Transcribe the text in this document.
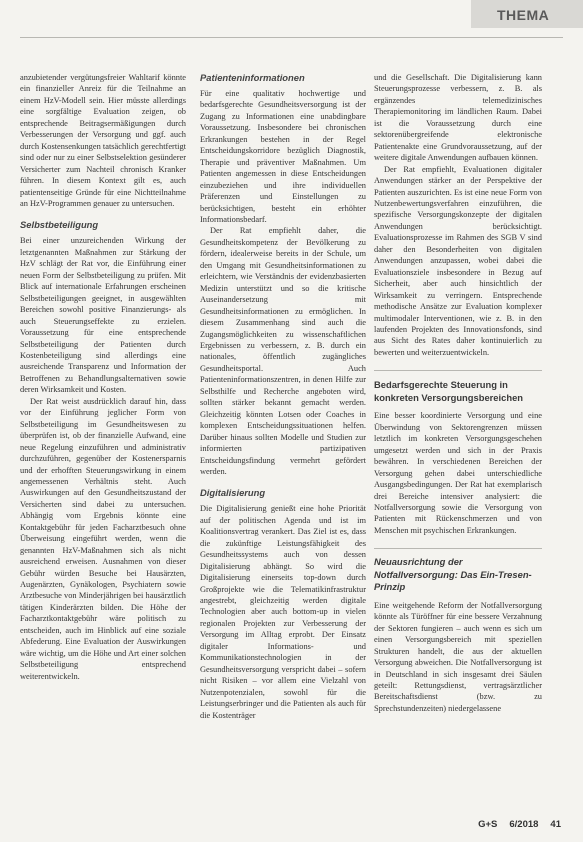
THEMA

anzubietender vergütungsfreier Wahltarif könnte ein finanzieller Anreiz für die Teilnahme an einem HzV-Modell sein. Hier müsste allerdings eine sorgfältige Evaluation zeigen, ob entsprechende Beitragsermäßigungen durch Verbesserungen der Versorgung und ggf. auch durch Kostensenkungen tatsächlich gerechtfertigt sind oder nur zu einer Selbstselektion gesünderer Versicherter zum Nachteil chronisch Kranker führen. In diesem Kontext gilt es, auch patientenseitige Gründe für eine Nichtteilnahme an HzV-Programmen genauer zu untersuchen.

Selbstbeteiligung

Bei einer unzureichenden Wirkung der letztgenannten Maßnahmen zur Stärkung der HzV schlägt der Rat vor, die Einführung einer neuen Form der Selbstbeteiligung zu prüfen. Mit Blick auf internationale Erfahrungen erscheinen Selbstbeteiligungen geeignet, in ausgewählten Bereichen sowohl positive Finanzierungs- als auch Steuerungseffekte zu erzielen. Voraussetzung für eine entsprechende Selbstbeteiligung der Patienten durch Kostenbeteiligung sind allerdings eine ausreichende Transparenz und Information der Betroffenen zu Behandlungsalternativen sowie deren Wirksamkeit und Kosten.

Der Rat weist ausdrücklich darauf hin, dass vor der Einführung jeglicher Form von Selbstbeteiligung im Gesundheitswesen zu überprüfen ist, ob der finanzielle Aufwand, eine neue Regelung einzuführen und administrativ durchzuführen, gegenüber der Kostenersparnis und der erhofften Steuerungswirkung in einem angemessenen Verhältnis steht. Auch Auswirkungen auf den Gesundheitszustand der Versicherten sind dabei zu untersuchen. Abhängig vom Ergebnis könnte eine Kontaktgebühr für jeden Facharztbesuch ohne Überweisung eingeführt werden, wenn die genannten HzV-Maßnahmen sich als nicht ausreichend erweisen. Ausnahmen von dieser Gebühr würden Besuche bei Hausärzten, Augenärzten, Gynäkologen, Psychiatern sowie Arztbesuche von Minderjährigen bei hausärztlich tätigen Kinderärzten bilden. Die Höhe der Facharztkontaktgebühr wäre politisch zu entscheiden, auch im Hinblick auf eine soziale Abfederung. Eine Evaluation der Auswirkungen wäre wichtig, um die Höhe und Art einer solchen Selbstbeteiligung entsprechend weiterentwickeln.

Patienteninformationen

Für eine qualitativ hochwertige und bedarfsgerechte Gesundheitsversorgung ist der Zugang zu Informationen eine unabdingbare Voraussetzung. Insbesondere bei chronischen Erkrankungen bestehen in der Regel Entscheidungskorridore bezüglich Diagnostik, Therapie und präventiver Maßnahmen. Um Patienten angemessen in diese Entscheidungen einzubeziehen und ihre individuellen Präferenzen und Einstellungen zu berücksichtigen, besteht ein erhöhter Informationsbedarf.

Der Rat empfiehlt daher, die Gesundheitskompetenz der Bevölkerung zu fördern, idealerweise bereits in der Schule, um den Umgang mit Gesundheitsinformationen zu erleichtern, wie Verständnis der evidenzbasierten Medizin unterstützt und so die kritische Auseinandersetzung mit Gesundheitsinformationen zu ermöglichen. In diesem Zusammenhang sind auch die Zugangsmöglichkeiten zu wissenschaftlichen Ergebnissen zu verbessern, z. B. durch ein nationales, öffentlich zugängliches Gesundheitsportal. Auch Patienteninformationszentren, in denen Hilfe zur Selbsthilfe und Recherche angeboten wird, sollten stärker bekannt gemacht werden. Gleichzeitig könnten Lotsen oder Coaches in komplexen Entscheidungssituationen helfen. Darüber hinaus sollten Modelle und Studien zur informierten partizipativen Entscheidungsfindung vermehrt gefördert werden.

Digitalisierung

Die Digitalisierung genießt eine hohe Priorität auf der politischen Agenda und ist im Koalitionsvertrag verankert. Das Ziel ist es, dass die zukünftige Leistungsfähigkeit des Gesundheitssystems auch von dessen Digitalisierung abhängt. So wird die Digitalisierung einerseits top-down durch Großprojekte wie die Telematikinfrastruktur angestrebt, gleichzeitig werden digitale Technologien aber auch bottom-up in vielen regionalen Projekten zur Verbesserung der Versorgung im Alltag erprobt. Der Einsatz digitaler Informations- und Kommunikationstechnologien in der Gesundheitsversorgung verspricht dabei – sofern nicht Risiken – vor allem eine Vielzahl von Nutzenpotenzialen, sowohl für die Leistungserbringer und die Patienten als auch für die Kostenträger

und die Gesellschaft. Die Digitalisierung kann Steuerungsprozesse verbessern, z. B. als ergänzendes telemedizinisches Therapiemonitoring im ländlichen Raum. Dabei ist die Voraussetzung durch eine sektorenübergreifende elektronische Patientenakte eine Grundvoraussetzung, auf der weitere digitale Anwendungen aufbauen können.

Der Rat empfiehlt, Evaluationen digitaler Anwendungen stärker an der Perspektive der Patienten auszurichten. Es ist eine neue Form von Nutzenbewertungsverfahren einzuführen, die spezifische Versorgungskonzepte der digitalen Anwendungen berücksichtigt. Evaluationsprozesse im Rahmen des SGB V sind daher den Besonderheiten von digitalen Anwendungen anzupassen, wobei dabei die Evaluationsziele insbesondere in Bezug auf Sicherheit, aber auch hinsichtlich der Wirksamkeit zu verringern. Entsprechende methodische Ansätze zur Evaluation komplexer multimodaler Interventionen, wie z. B. in den laufenden Projekten des Innovationsfonds, sind aus Sicht des Rates daher kontinuierlich zu bewerten und weiterzuentwickeln.

Bedarfsgerechte Steuerung in konkreten Versorgungsbereichen

Eine besser koordinierte Versorgung und eine Überwindung von Sektorengrenzen müssen letztlich im konkreten Versorgungsgeschehen umgesetzt werden und sich in der Praxis bewähren. In verschiedenen Bereichen der Versorgung gehen dabei unterschiedliche Ausgangsbedingungen. Der Rat hat exemplarisch drei Bereiche intensiver analysiert: die Notfallversorgung sowie die Versorgung von Patienten mit Rückenschmerzen und von Menschen mit psychischen Erkrankungen.

Neuausrichtung der Notfallversorgung: Das Ein-Tresen-Prinzip

Eine weitgehende Reform der Notfallversorgung könnte als Türöffner für eine bessere Verzahnung der Sektoren fungieren – auch wenn es sich um einen Versorgungsbereich mit speziellen Strukturen handelt, die aus der aktuellen Versorgung abweichen. Die Notfallversorgung ist in Deutschland in sich insgesamt drei Säulen geteilt: Rettungsdienst, vertragsärztlicher Bereitschaftsdienst (bzw. zu Sprechstundenzeiten) niedergelassene

G+S 6/2018 41
